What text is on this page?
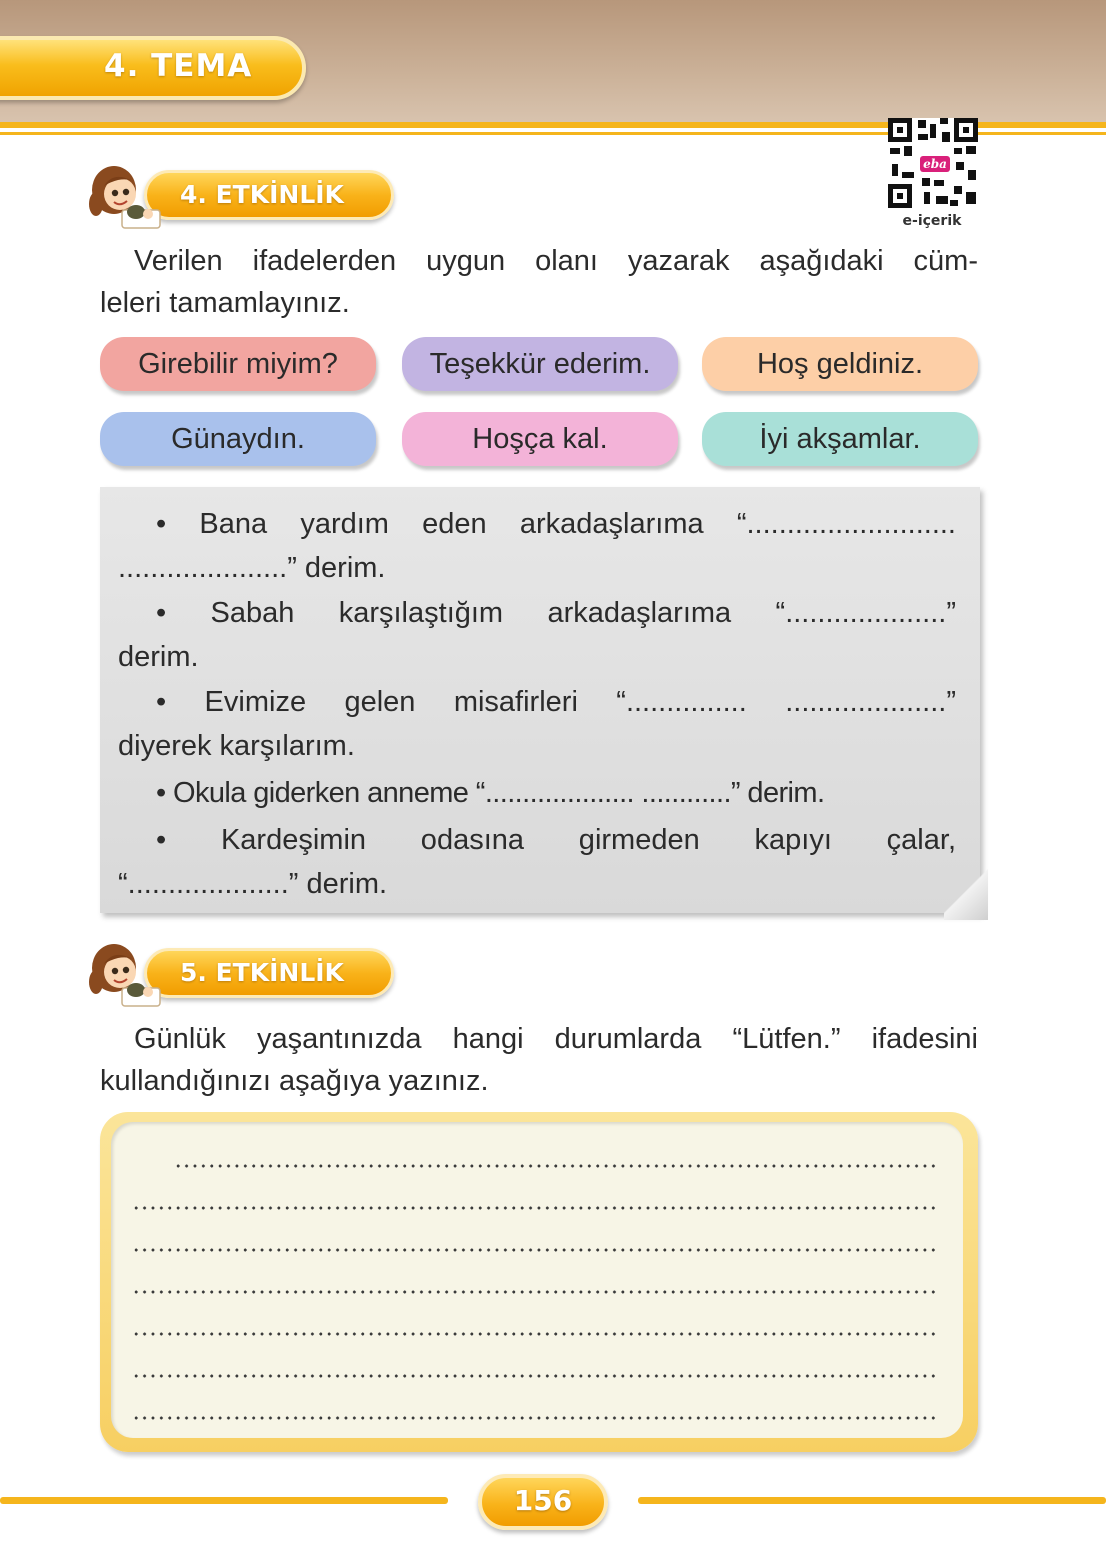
4. TEMA
eba
e-içerik
4. ETKİNLİK
Verilen ifadelerden uygun olanı yazarak aşağıdaki cüm-
leleri tamamlayınız.
Girebilir miyim?	Teşekkür ederim.	Hoş geldiniz.
Günaydın.	Hoşça kal.	İyi akşamlar.
• Bana yardım eden arkadaşlarıma “..........................
.....................” derim.
• Sabah karşılaştığım arkadaşlarıma “....................”
derim.
• Evimize gelen misafirleri “............... ....................”
diyerek karşılarım.
• Okula giderken anneme “.................... ............” derim.
• Kardeşimin odasına girmeden kapıyı çalar,
“....................” derim.
5. ETKİNLİK
Günlük yaşantınızda hangi durumlarda “Lütfen.” ifadesini
kullandığınızı aşağıya yazınız.
156
